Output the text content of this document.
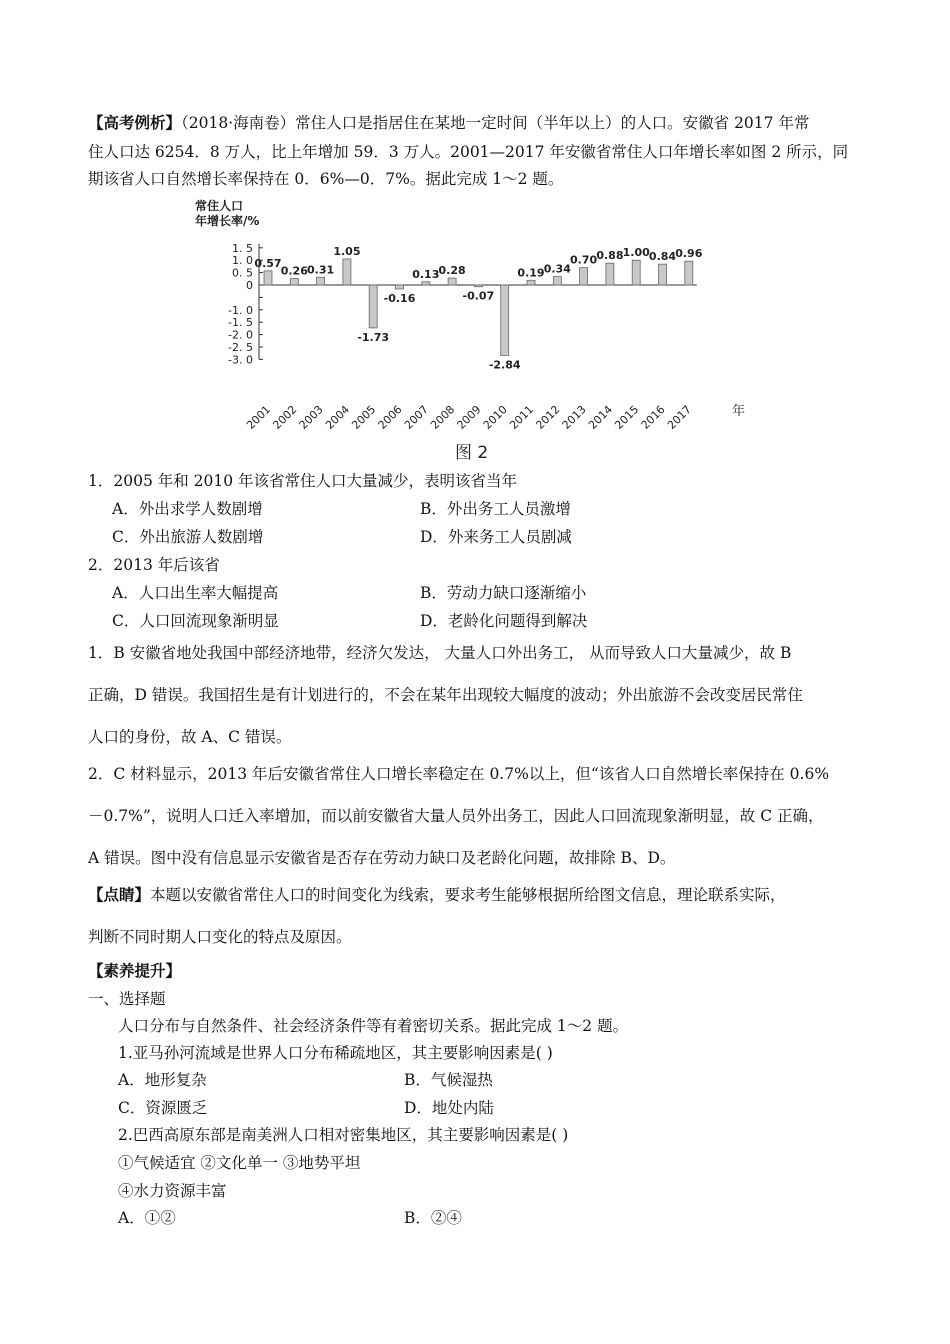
【高考例析】（2018·海南卷）常住人口是指居住在某地一定时间（半年以上）的人口。安徽省 2017 年常
住人口达 6254．8 万人，比上年增加 59．3 万人。2001—2017 年安徽省常住人口年增长率如图 2 所示，同
期该省人口自然增长率保持在 0．6%—0．7%。据此完成 1～2 题。
常住人口
年增长率/%
1. 5
1. 0
0. 5
0
-1. 0
-1. 5
-2. 0
-2. 5
-3. 0
0.57
0.26 0.31
1.05
-1.73
-0.16
0.13 0.28
-0.07
-2.84
0.19 0.34
0.70 0.88 1.00 0.84 0.96
2001
2002
2003
2004
2005
2006
2007
2008
2009
2010
2011
2012
2013
2014
2015
2016
2017	年
图 2
1．2005 年和 2010 年该省常住人口大量减少，表明该省当年
A．外出求学人数剧增	B．外出务工人员激增
C．外出旅游人数剧增	D．外来务工人员剧减
2．2013 年后该省
A．人口出生率大幅提高	B．劳动力缺口逐渐缩小
C．人口回流现象渐明显	D．老龄化问题得到解决
1．B 安徽省地处我国中部经济地带，经济欠发达， 大量人口外出务工， 从而导致人口大量减少，故 B
正确，D 错误。我国招生是有计划进行的，不会在某年出现较大幅度的波动；外出旅游不会改变居民常住
人口的身份，故 A、C 错误。
2．C 材料显示，2013 年后安徽省常住人口增长率稳定在 0.7%以上，但“该省人口自然增长率保持在 0.6%
－0.7%”，说明人口迁入率增加，而以前安徽省大量人员外出务工，因此人口回流现象渐明显，故 C 正确，
A 错误。图中没有信息显示安徽省是否存在劳动力缺口及老龄化问题，故排除 B、D。
【点睛】本题以安徽省常住人口的时间变化为线索，要求考生能够根据所给图文信息，理论联系实际，
判断不同时期人口变化的特点及原因。
【素养提升】
一、选择题
人口分布与自然条件、社会经济条件等有着密切关系。据此完成 1～2 题。
1.亚马孙河流域是世界人口分布稀疏地区，其主要影响因素是( )
A．地形复杂	B．气候湿热
C．资源匮乏	D．地处内陆
2.巴西高原东部是南美洲人口相对密集地区，其主要影响因素是( )
①气候适宜 ②文化单一 ③地势平坦
④水力资源丰富
A．①②	B．②④
